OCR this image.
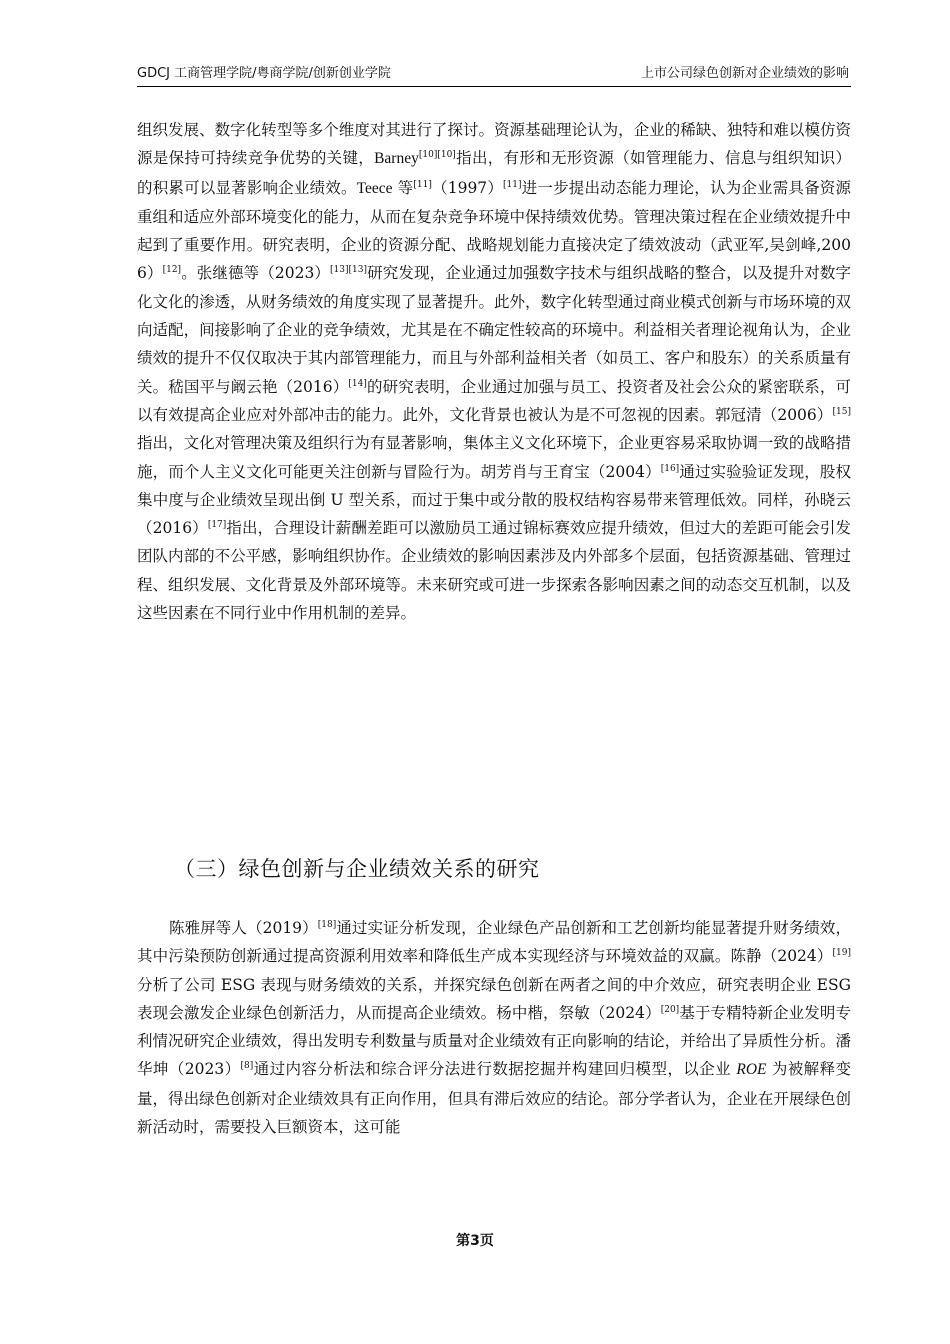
GDCJ 工商管理学院/粤商学院/创新创业学院	上市公司绿色创新对企业绩效的影响

组织发展、数字化转型等多个维度对其进行了探讨。资源基础理论认为，企业的稀缺、独特和难以模仿资源是保持可持续竞争优势的关键，Barney[10][10]指出，有形和无形资源（如管理能力、信息与组织知识）的积累可以显著影响企业绩效。Teece 等[11]（1997）[11]进一步提出动态能力理论，认为企业需具备资源重组和适应外部环境变化的能力，从而在复杂竞争环境中保持绩效优势。管理决策过程在企业绩效提升中起到了重要作用。研究表明，企业的资源分配、战略规划能力直接决定了绩效波动（武亚军,吴剑峰,2006）[12]。张继德等（2023）[13][13]研究发现，企业通过加强数字技术与组织战略的整合，以及提升对数字化文化的渗透，从财务绩效的角度实现了显著提升。此外，数字化转型通过商业模式创新与市场环境的双向适配，间接影响了企业的竞争绩效，尤其是在不确定性较高的环境中。利益相关者理论视角认为，企业绩效的提升不仅仅取决于其内部管理能力，而且与外部利益相关者（如员工、客户和股东）的关系质量有关。嵇国平与阚云艳（2016）[14]的研究表明，企业通过加强与员工、投资者及社会公众的紧密联系，可以有效提高企业应对外部冲击的能力。此外，文化背景也被认为是不可忽视的因素。郭冠清（2006）[15]指出，文化对管理决策及组织行为有显著影响，集体主义文化环境下，企业更容易采取协调一致的战略措施，而个人主义文化可能更关注创新与冒险行为。胡芳肖与王育宝（2004）[16]通过实验验证发现，股权集中度与企业绩效呈现出倒 U 型关系，而过于集中或分散的股权结构容易带来管理低效。同样，孙晓云（2016）[17]指出，合理设计薪酬差距可以激励员工通过锦标赛效应提升绩效，但过大的差距可能会引发团队内部的不公平感，影响组织协作。企业绩效的影响因素涉及内外部多个层面，包括资源基础、管理过程、组织发展、文化背景及外部环境等。未来研究或可进一步探索各影响因素之间的动态交互机制，以及这些因素在不同行业中作用机制的差异。

（三）绿色创新与企业绩效关系的研究

陈雅屏等人（2019）[18]通过实证分析发现，企业绿色产品创新和工艺创新均能显著提升财务绩效，其中污染预防创新通过提高资源利用效率和降低生产成本实现经济与环境效益的双赢。陈静（2024）[19]分析了公司 ESG 表现与财务绩效的关系，并探究绿色创新在两者之间的中介效应，研究表明企业 ESG 表现会激发企业绿色创新活力，从而提高企业绩效。杨中楷，祭敏（2024）[20]基于专精特新企业发明专利情况研究企业绩效，得出发明专利数量与质量对企业绩效有正向影响的结论，并给出了异质性分析。潘华坤（2023）[8]通过内容分析法和综合评分法进行数据挖掘并构建回归模型，以企业 ROE 为被解释变量，得出绿色创新对企业绩效具有正向作用，但具有滞后效应的结论。部分学者认为，企业在开展绿色创新活动时，需要投入巨额资本，这可能

第3页
